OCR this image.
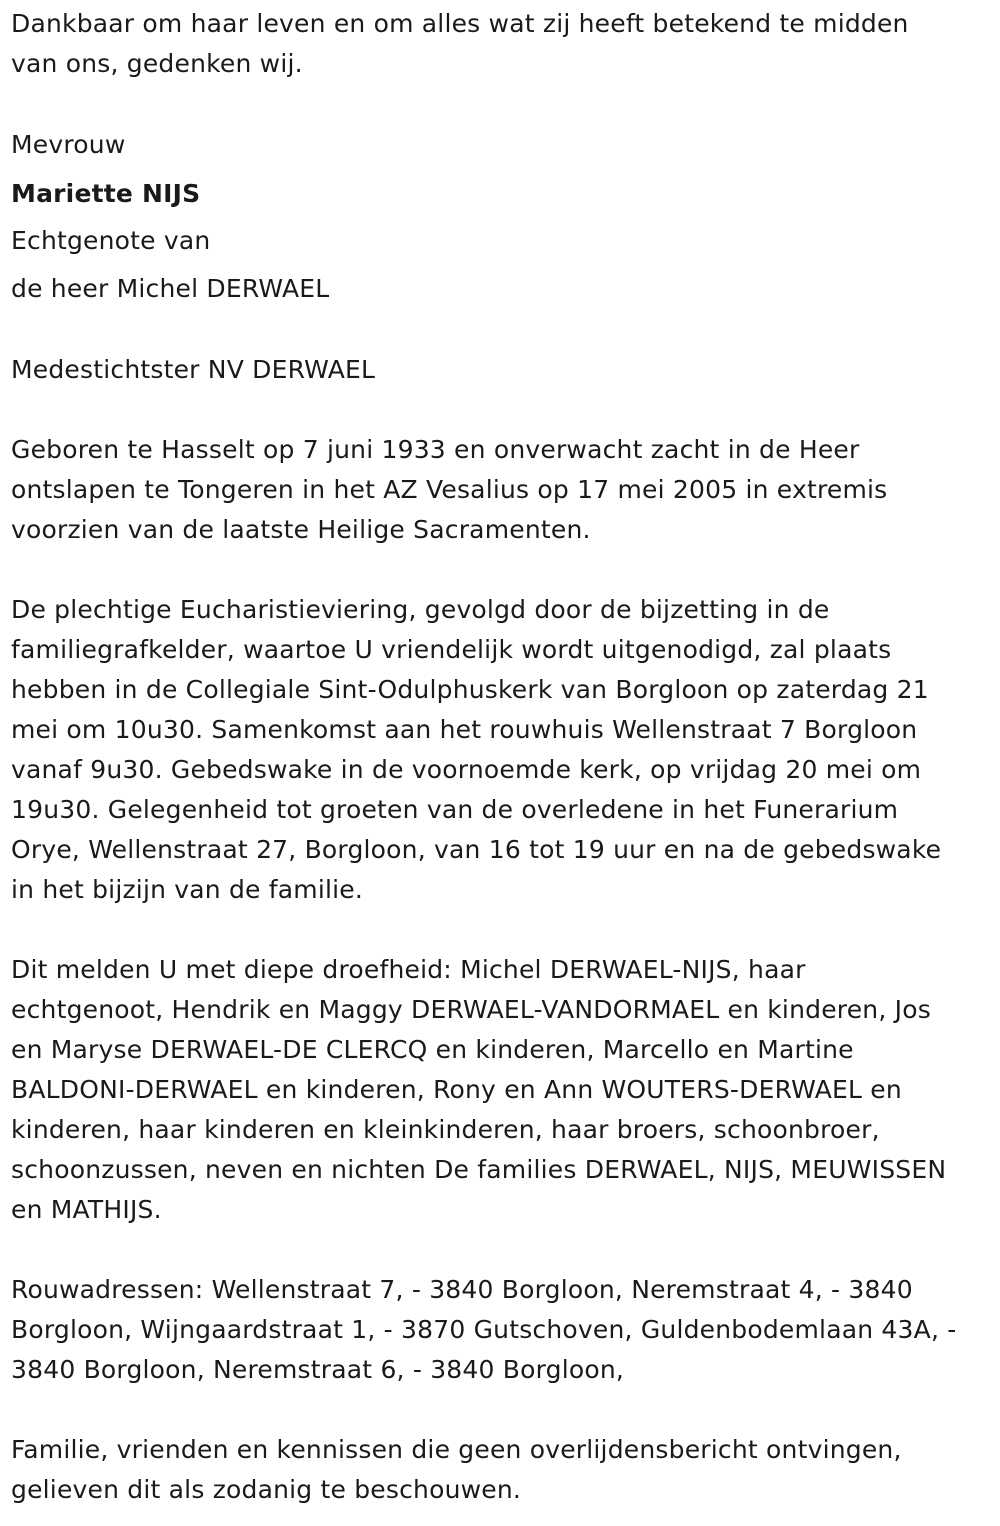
Dankbaar om haar leven en om alles wat zij heeft betekend te midden
van ons, gedenken wij.

Mevrouw

Mariette NIJS

Echtgenote van

de heer Michel DERWAEL

Medestichtster NV DERWAEL

Geboren te Hasselt op 7 juni 1933 en onverwacht zacht in de Heer
ontslapen te Tongeren in het AZ Vesalius op 17 mei 2005 in extremis
voorzien van de laatste Heilige Sacramenten.

De plechtige Eucharistieviering, gevolgd door de bijzetting in de
familiegrafkelder, waartoe U vriendelijk wordt uitgenodigd, zal plaats
hebben in de Collegiale Sint-Odulphuskerk van Borgloon op zaterdag 21
mei om 10u30. Samenkomst aan het rouwhuis Wellenstraat 7 Borgloon
vanaf 9u30. Gebedswake in de voornoemde kerk, op vrijdag 20 mei om
19u30. Gelegenheid tot groeten van de overledene in het Funerarium
Orye, Wellenstraat 27, Borgloon, van 16 tot 19 uur en na de gebedswake
in het bijzijn van de familie.

Dit melden U met diepe droefheid: Michel DERWAEL-NIJS, haar
echtgenoot, Hendrik en Maggy DERWAEL-VANDORMAEL en kinderen, Jos
en Maryse DERWAEL-DE CLERCQ en kinderen, Marcello en Martine
BALDONI-DERWAEL en kinderen, Rony en Ann WOUTERS-DERWAEL en
kinderen, haar kinderen en kleinkinderen, haar broers, schoonbroer,
schoonzussen, neven en nichten De families DERWAEL, NIJS, MEUWISSEN
en MATHIJS.

Rouwadressen: Wellenstraat 7, - 3840 Borgloon, Neremstraat 4, - 3840
Borgloon, Wijngaardstraat 1, - 3870 Gutschoven, Guldenbodemlaan 43A, -
3840 Borgloon, Neremstraat 6, - 3840 Borgloon,

Familie, vrienden en kennissen die geen overlijdensbericht ontvingen,
gelieven dit als zodanig te beschouwen.
